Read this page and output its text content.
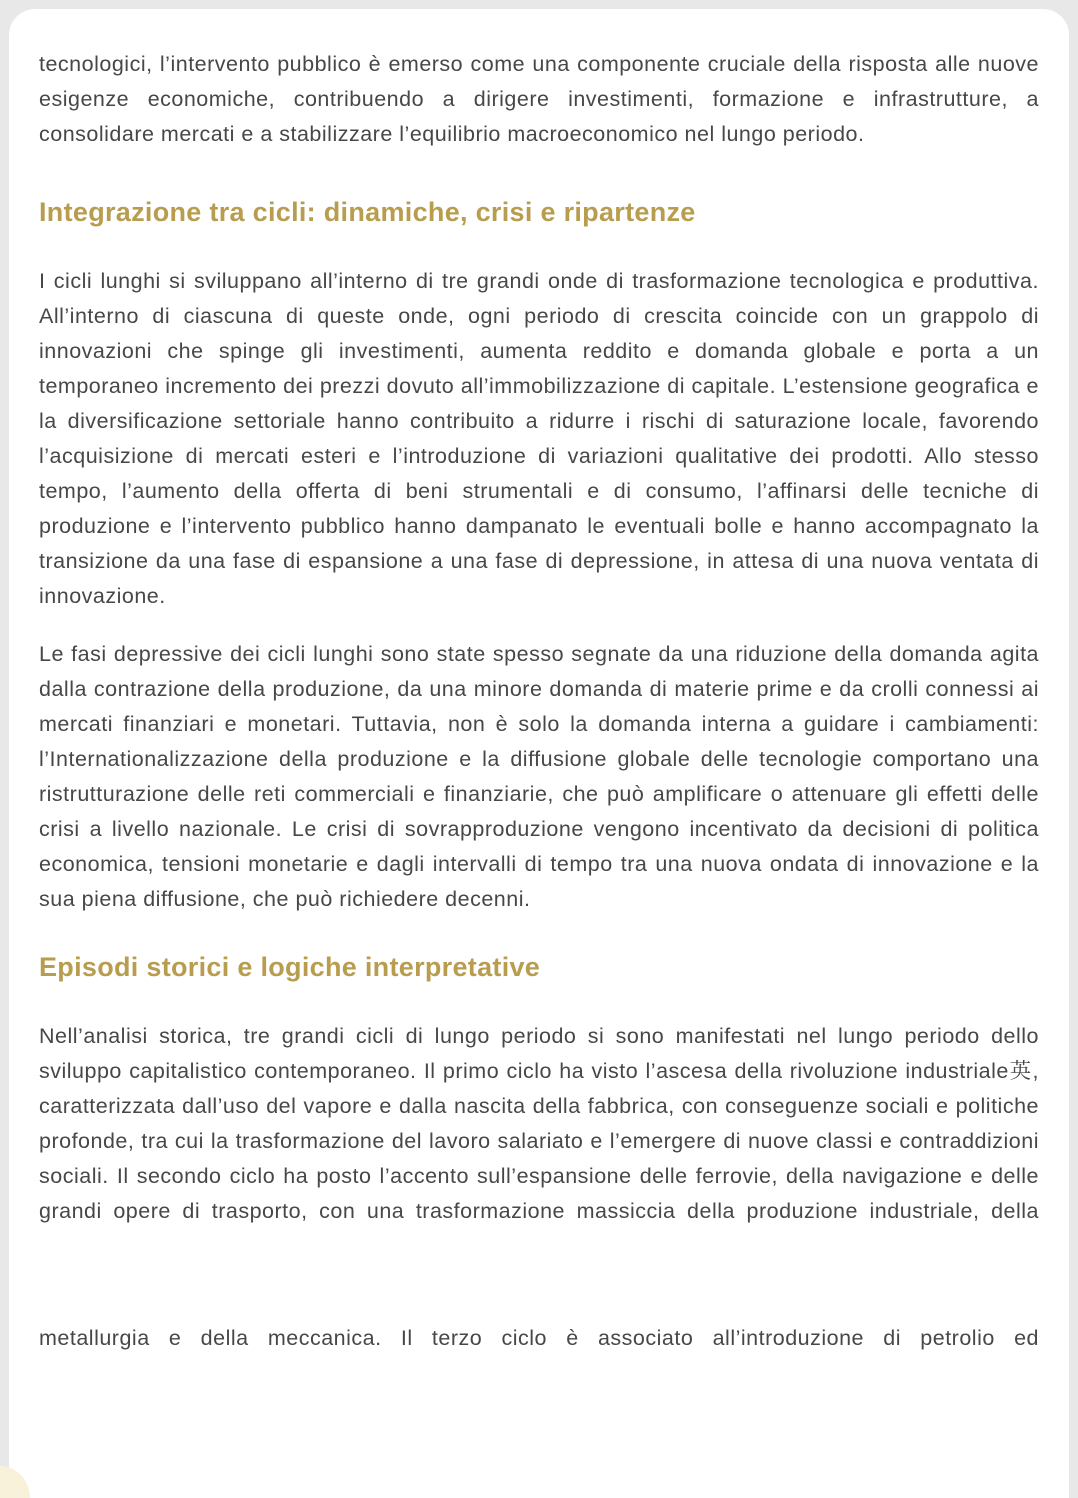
tecnologici, l’intervento pubblico è emerso come una componente cruciale della risposta alle nuove esigenze economiche, contribuendo a dirigere investimenti, formazione e infrastrutture, a consolidare mercati e a stabilizzare l’equilibrio macroeconomico nel lungo periodo.

Integrazione tra cicli: dinamiche, crisi e ripartenze

I cicli lunghi si sviluppano all’interno di tre grandi onde di trasformazione tecnologica e produttiva. All’interno di ciascuna di queste onde, ogni periodo di crescita coincide con un grappolo di innovazioni che spinge gli investimenti, aumenta reddito e domanda globale e porta a un temporaneo incremento dei prezzi dovuto all’immobilizzazione di capitale. L’estensione geografica e la diversificazione settoriale hanno contribuito a ridurre i rischi di saturazione locale, favorendo l’acquisizione di mercati esteri e l’introduzione di variazioni qualitative dei prodotti. Allo stesso tempo, l’aumento della offerta di beni strumentali e di consumo, l’affinarsi delle tecniche di produzione e l’intervento pubblico hanno dampanato le eventuali bolle e hanno accompagnato la transizione da una fase di espansione a una fase di depressione, in attesa di una nuova ventata di innovazione.

Le fasi depressive dei cicli lunghi sono state spesso segnate da una riduzione della domanda agita dalla contrazione della produzione, da una minore domanda di materie prime e da crolli connessi ai mercati finanziari e monetari. Tuttavia, non è solo la domanda interna a guidare i cambiamenti: l’Internationalizzazione della produzione e la diffusione globale delle tecnologie comportano una ristrutturazione delle reti commerciali e finanziarie, che può amplificare o attenuare gli effetti delle crisi a livello nazionale. Le crisi di sovrapproduzione vengono incentivato da decisioni di politica economica, tensioni monetarie e dagli intervalli di tempo tra una nuova ondata di innovazione e la sua piena diffusione, che può richiedere decenni.

Episodi storici e logiche interpretative

Nell’analisi storica, tre grandi cicli di lungo periodo si sono manifestati nel lungo periodo dello sviluppo capitalistico contemporaneo. Il primo ciclo ha visto l’ascesa della rivoluzione industriale英, caratterizzata dall’uso del vapore e dalla nascita della fabbrica, con conseguenze sociali e politiche profonde, tra cui la trasformazione del lavoro salariato e l’emergere di nuove classi e contraddizioni sociali. Il secondo ciclo ha posto l’accento sull’espansione delle ferrovie, della navigazione e delle grandi opere di trasporto, con una trasformazione massiccia della produzione industriale, della

metallurgia e della meccanica. Il terzo ciclo è associato all’introduzione di petrolio ed
